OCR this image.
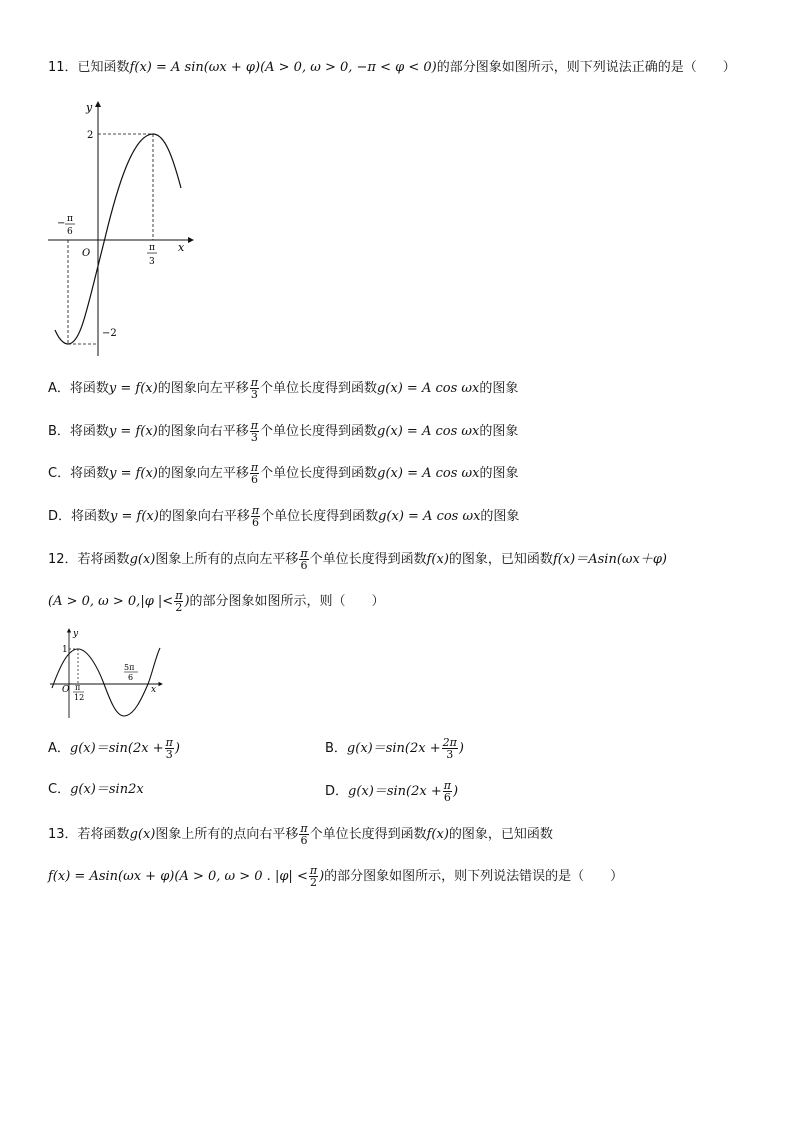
11．已知函数f(x) = A sin(ωx + φ)(A > 0, ω > 0, −π < φ < 0)的部分图象如图所示，则下列说法正确的是（　　）
y
x
O
2
−2
− π
6
π
3
A．将函数y = f(x)的图象向左平移 $\frac{\pi}{3}$ 个单位长度得到函数g(x) = A cos ωx的图象
B．将函数y = f(x)的图象向右平移 $\frac{\pi}{3}$ 个单位长度得到函数g(x) = A cos ωx的图象
C．将函数y = f(x)的图象向左平移 $\frac{\pi}{6}$ 个单位长度得到函数g(x) = A cos ωx的图象
D．将函数y = f(x)的图象向右平移 $\frac{\pi}{6}$ 个单位长度得到函数g(x) = A cos ωx的图象
12．若将函数g(x)图象上所有的点向左平移 $\frac{\pi}{6}$ 个单位长度得到函数f(x)的图象，已知函数f(x)＝Asin(ωx＋φ)
(A > 0, ω > 0,|φ |< $\frac{\pi}{2}$ )的部分图象如图所示，则（　　）
y
x
O
1
π
12
5π
6
A．$g(x)=\sin(2x + \frac{\pi}{3}$ )	B．$g(x)=\sin(2x + \frac{2\pi}{3}$ )
C．g(x)＝sin2x	D．$g(x)=\sin(2x + \frac{\pi}{6}$ )
13．若将函数g(x)图象上所有的点向右平移 $\frac{\pi}{6}$ 个单位长度得到函数f(x)的图象，已知函数
f(x) = Asin(ωx + φ)(A > 0, ω > 0 . $|\varphi| < \frac{\pi}{2}$ )的部分图象如图所示，则下列说法错误的是（　　）
